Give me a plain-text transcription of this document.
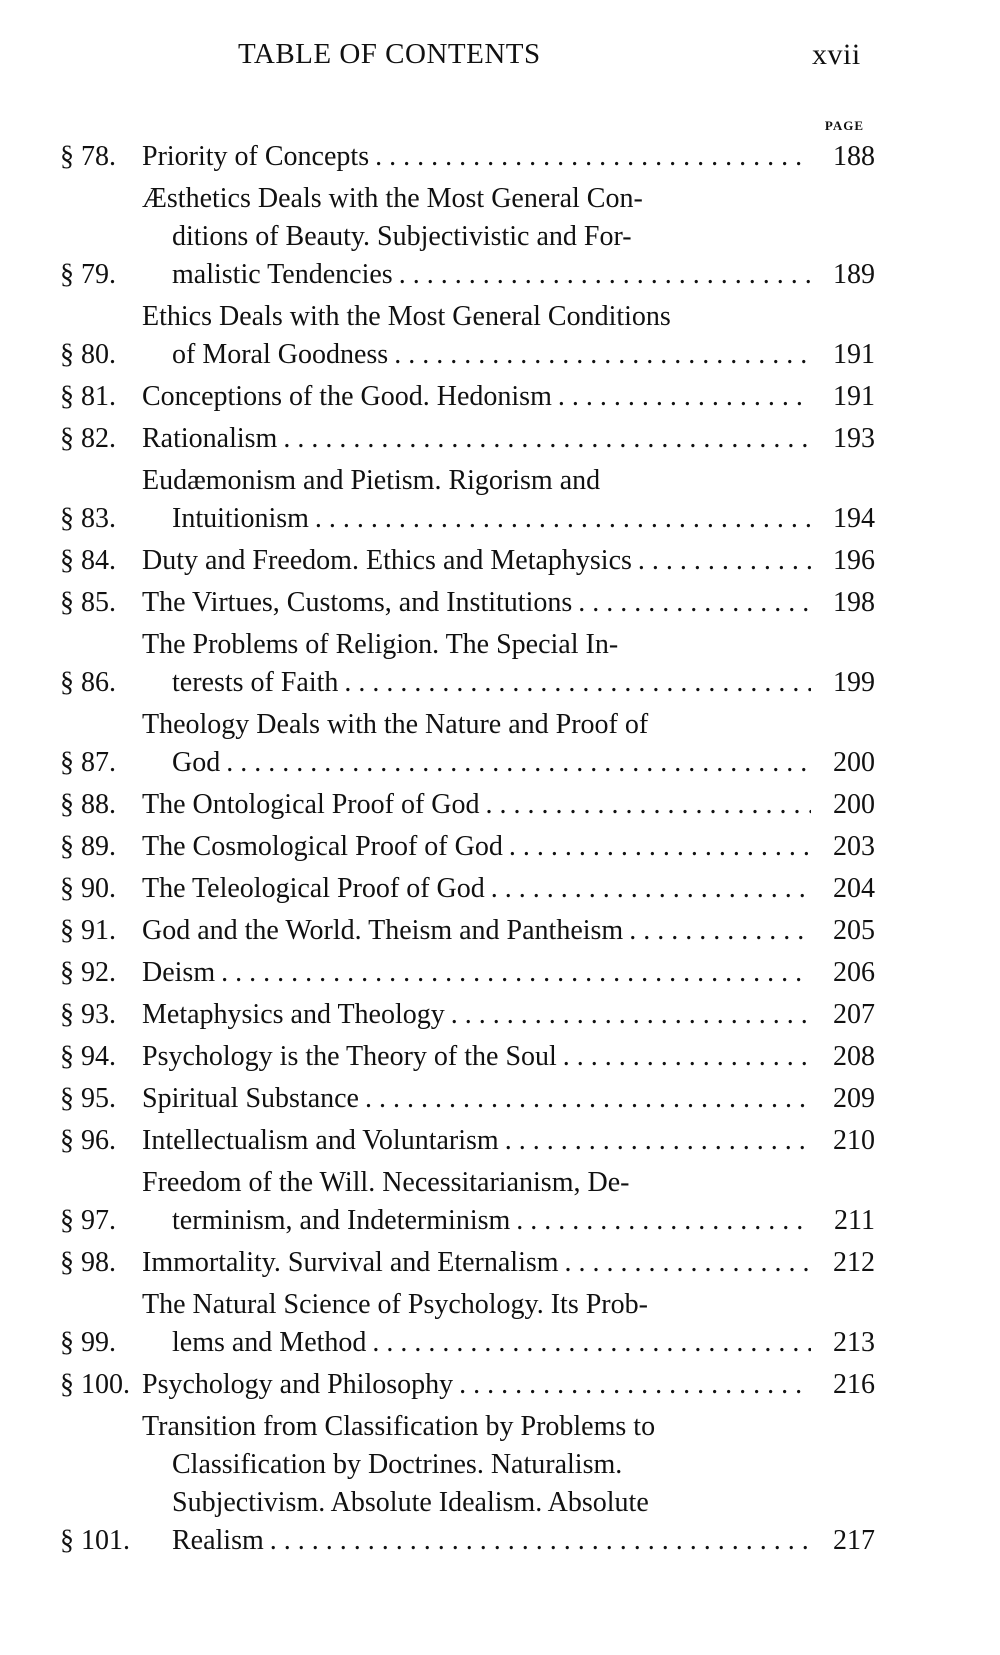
TABLE OF CONTENTS	xvii
PAGE
§ 78. Priority of Concepts . . .	188
§ 79.
Æsthetics Deals with the Most General Con-
ditions of Beauty. Subjectivistic and For-
malistic Tendencies . . .	189
§ 80.
Ethics Deals with the Most General Conditions
of Moral Goodness . . .	191
§ 81. Conceptions of the Good. Hedonism . . .	191
§ 82. Rationalism . . .	193
§ 83.
Eudæmonism and Pietism. Rigorism and
Intuitionism . . .	194
§ 84. Duty and Freedom. Ethics and Metaphysics . . .	196
§ 85. The Virtues, Customs, and Institutions . . .	198
§ 86.
The Problems of Religion. The Special In-
terests of Faith . . .	199
§ 87.
Theology Deals with the Nature and Proof of
God . . .	200
§ 88. The Ontological Proof of God . . .	200
§ 89. The Cosmological Proof of God . . .	203
§ 90. The Teleological Proof of God . . .	204
§ 91. God and the World. Theism and Pantheism . . .	205
§ 92. Deism . . .	206
§ 93. Metaphysics and Theology . . .	207
§ 94. Psychology is the Theory of the Soul . . .	208
§ 95. Spiritual Substance . . .	209
§ 96. Intellectualism and Voluntarism . . .	210
§ 97.
Freedom of the Will. Necessitarianism, De-
terminism, and Indeterminism . . .	211
§ 98. Immortality. Survival and Eternalism . . .	212
§ 99.
The Natural Science of Psychology. Its Prob-
lems and Method . . .	213
§ 100. Psychology and Philosophy . . .	216
§ 101.
Transition from Classification by Problems to
Classification by Doctrines. Naturalism.
Subjectivism. Absolute Idealism. Absolute
Realism . . .	217
